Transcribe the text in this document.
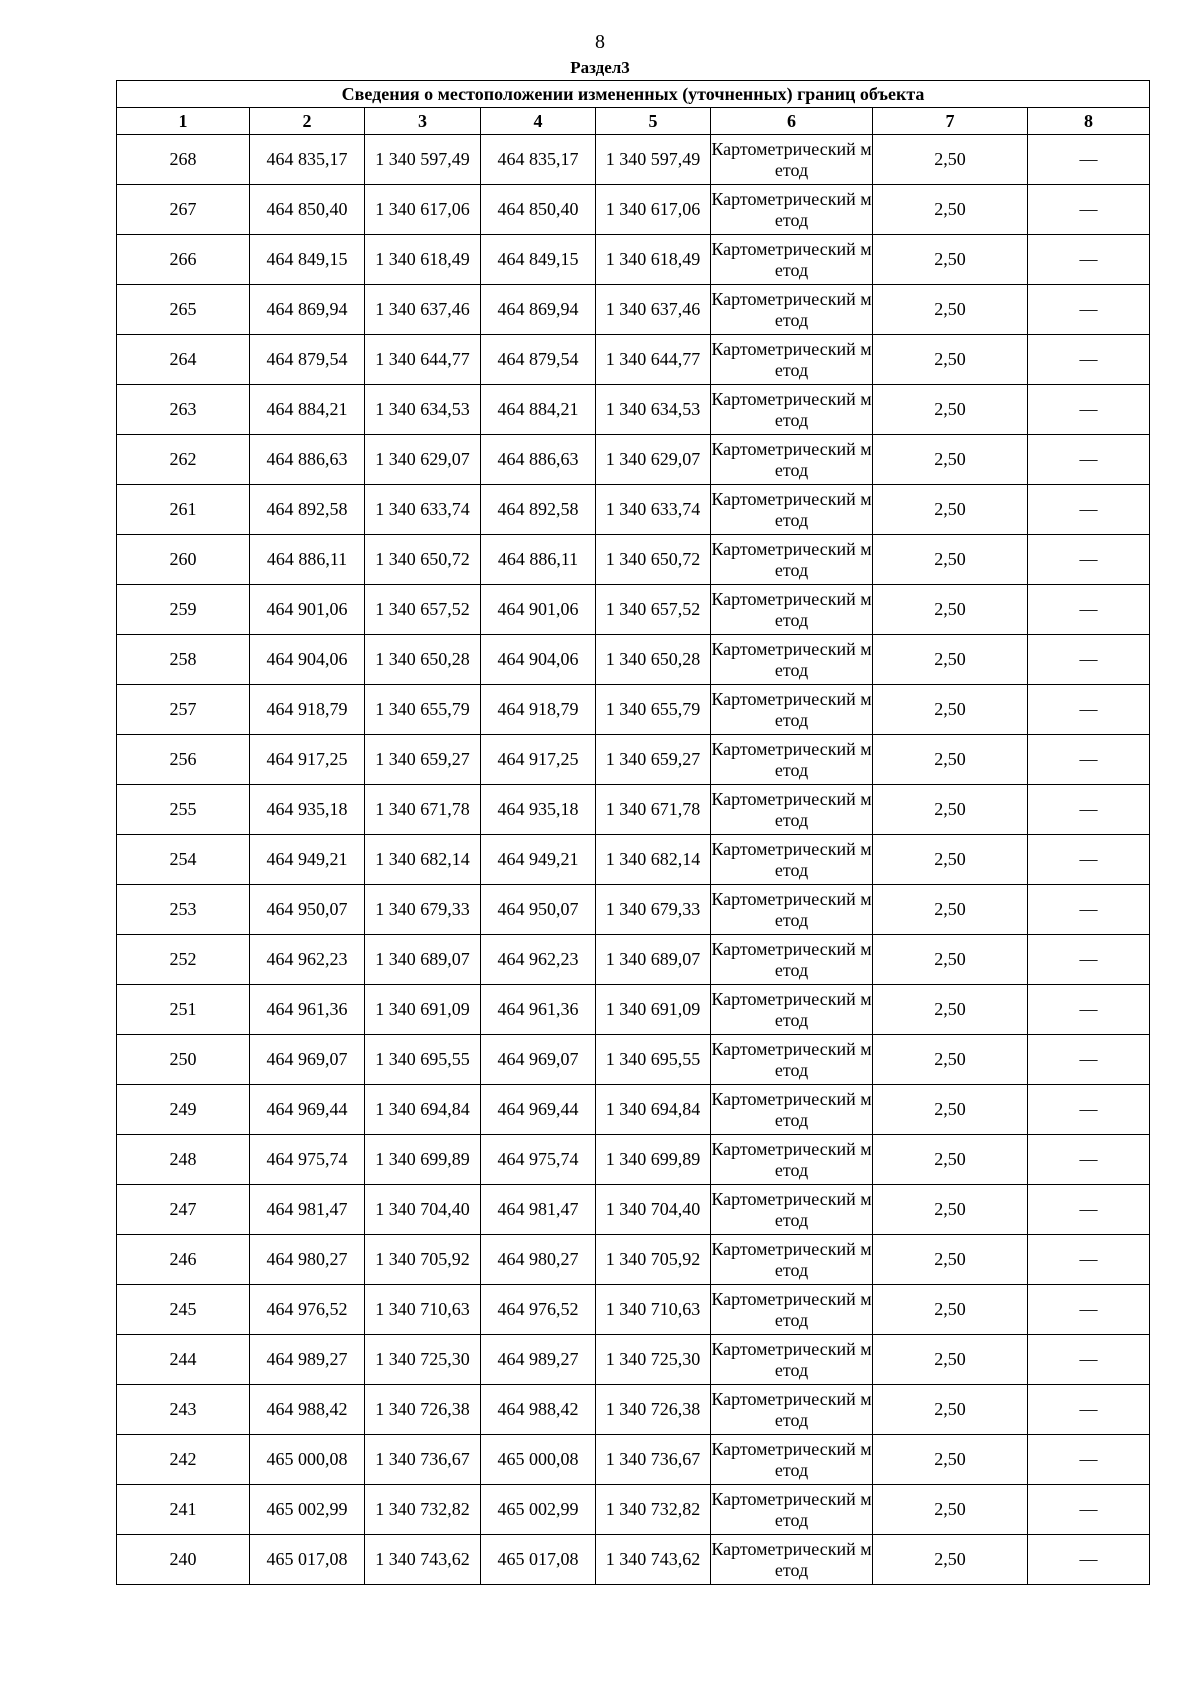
8
Раздел3
Сведения о местоположении измененных (уточненных) границ объекта							
1	2	3	4	5	6	7	8
268	464 835,17	1 340 597,49	464 835,17	1 340 597,49	Картометрический метод	2,50	—
267	464 850,40	1 340 617,06	464 850,40	1 340 617,06	Картометрический метод	2,50	—
266	464 849,15	1 340 618,49	464 849,15	1 340 618,49	Картометрический метод	2,50	—
265	464 869,94	1 340 637,46	464 869,94	1 340 637,46	Картометрический метод	2,50	—
264	464 879,54	1 340 644,77	464 879,54	1 340 644,77	Картометрический метод	2,50	—
263	464 884,21	1 340 634,53	464 884,21	1 340 634,53	Картометрический метод	2,50	—
262	464 886,63	1 340 629,07	464 886,63	1 340 629,07	Картометрический метод	2,50	—
261	464 892,58	1 340 633,74	464 892,58	1 340 633,74	Картометрический метод	2,50	—
260	464 886,11	1 340 650,72	464 886,11	1 340 650,72	Картометрический метод	2,50	—
259	464 901,06	1 340 657,52	464 901,06	1 340 657,52	Картометрический метод	2,50	—
258	464 904,06	1 340 650,28	464 904,06	1 340 650,28	Картометрический метод	2,50	—
257	464 918,79	1 340 655,79	464 918,79	1 340 655,79	Картометрический метод	2,50	—
256	464 917,25	1 340 659,27	464 917,25	1 340 659,27	Картометрический метод	2,50	—
255	464 935,18	1 340 671,78	464 935,18	1 340 671,78	Картометрический метод	2,50	—
254	464 949,21	1 340 682,14	464 949,21	1 340 682,14	Картометрический метод	2,50	—
253	464 950,07	1 340 679,33	464 950,07	1 340 679,33	Картометрический метод	2,50	—
252	464 962,23	1 340 689,07	464 962,23	1 340 689,07	Картометрический метод	2,50	—
251	464 961,36	1 340 691,09	464 961,36	1 340 691,09	Картометрический метод	2,50	—
250	464 969,07	1 340 695,55	464 969,07	1 340 695,55	Картометрический метод	2,50	—
249	464 969,44	1 340 694,84	464 969,44	1 340 694,84	Картометрический метод	2,50	—
248	464 975,74	1 340 699,89	464 975,74	1 340 699,89	Картометрический метод	2,50	—
247	464 981,47	1 340 704,40	464 981,47	1 340 704,40	Картометрический метод	2,50	—
246	464 980,27	1 340 705,92	464 980,27	1 340 705,92	Картометрический метод	2,50	—
245	464 976,52	1 340 710,63	464 976,52	1 340 710,63	Картометрический метод	2,50	—
244	464 989,27	1 340 725,30	464 989,27	1 340 725,30	Картометрический метод	2,50	—
243	464 988,42	1 340 726,38	464 988,42	1 340 726,38	Картометрический метод	2,50	—
242	465 000,08	1 340 736,67	465 000,08	1 340 736,67	Картометрический метод	2,50	—
241	465 002,99	1 340 732,82	465 002,99	1 340 732,82	Картометрический метод	2,50	—
240	465 017,08	1 340 743,62	465 017,08	1 340 743,62	Картометрический метод	2,50	—
